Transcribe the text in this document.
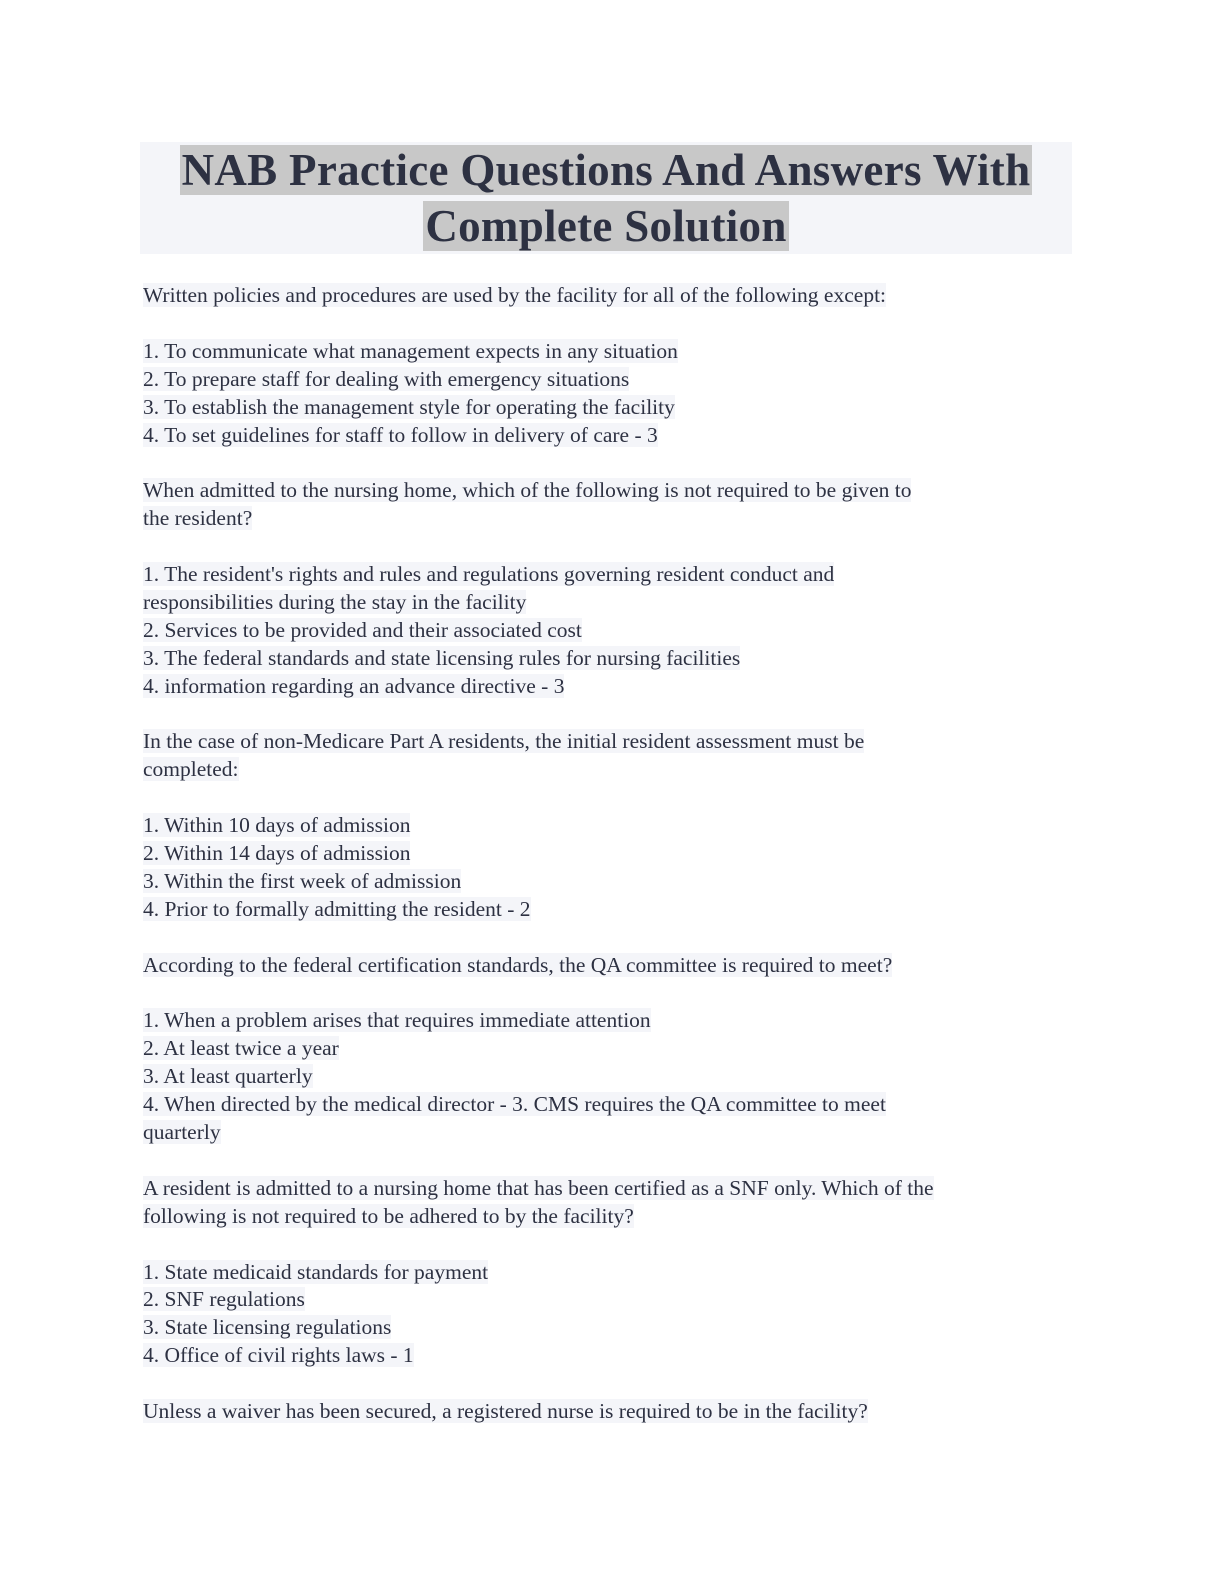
NAB Practice Questions And Answers With
Complete Solution
Written policies and procedures are used by the facility for all of the following except:
1. To communicate what management expects in any situation
2. To prepare staff for dealing with emergency situations
3. To establish the management style for operating the facility
4. To set guidelines for staff to follow in delivery of care - 3
When admitted to the nursing home, which of the following is not required to be given to
the resident?
1. The resident's rights and rules and regulations governing resident conduct and
responsibilities during the stay in the facility
2. Services to be provided and their associated cost
3. The federal standards and state licensing rules for nursing facilities
4. information regarding an advance directive - 3
In the case of non-Medicare Part A residents, the initial resident assessment must be
completed:
1. Within 10 days of admission
2. Within 14 days of admission
3. Within the first week of admission
4. Prior to formally admitting the resident - 2
According to the federal certification standards, the QA committee is required to meet?
1. When a problem arises that requires immediate attention
2. At least twice a year
3. At least quarterly
4. When directed by the medical director - 3. CMS requires the QA committee to meet
quarterly
A resident is admitted to a nursing home that has been certified as a SNF only. Which of the
following is not required to be adhered to by the facility?
1. State medicaid standards for payment
2. SNF regulations
3. State licensing regulations
4. Office of civil rights laws - 1
Unless a waiver has been secured, a registered nurse is required to be in the facility?
